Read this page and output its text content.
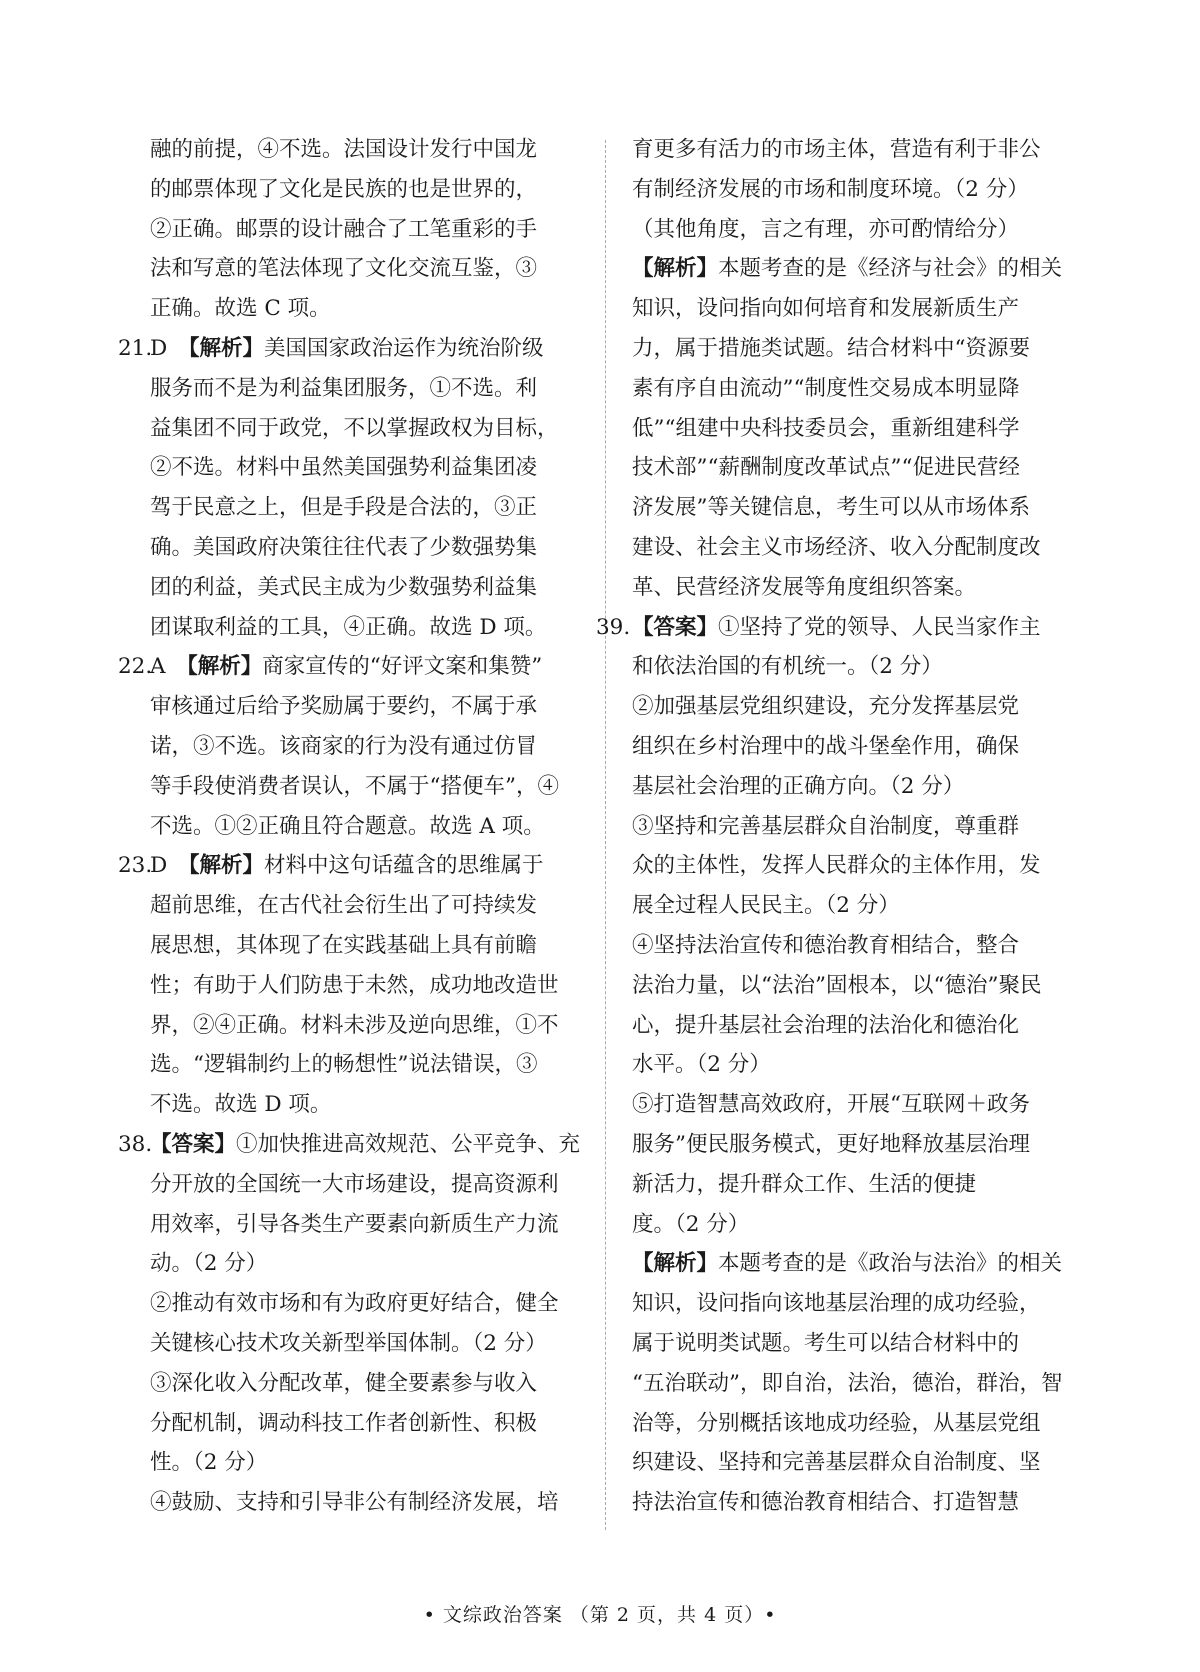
融的前提，④不选。法国设计发行中国龙
的邮票体现了文化是民族的也是世界的，
②正确。邮票的设计融合了工笔重彩的手
法和写意的笔法体现了文化交流互鉴，③
正确。故选 C 项。
21.D　【解析】美国国家政治运作为统治阶级
服务而不是为利益集团服务，①不选。利
益集团不同于政党，不以掌握政权为目标，
②不选。材料中虽然美国强势利益集团凌
驾于民意之上，但是手段是合法的，③正
确。美国政府决策往往代表了少数强势集
团的利益，美式民主成为少数强势利益集
团谋取利益的工具，④正确。故选 D 项。
22.A　【解析】商家宣传的“好评文案和集赞”
审核通过后给予奖励属于要约，不属于承
诺，③不选。该商家的行为没有通过仿冒
等手段使消费者误认，不属于“搭便车”，④
不选。①②正确且符合题意。故选 A 项。
23.D　【解析】材料中这句话蕴含的思维属于
超前思维，在古代社会衍生出了可持续发
展思想，其体现了在实践基础上具有前瞻
性；有助于人们防患于未然，成功地改造世
界，②④正确。材料未涉及逆向思维，①不
选。“逻辑制约上的畅想性”说法错误，③
不选。故选 D 项。
38.【答案】①加快推进高效规范、公平竞争、充
分开放的全国统一大市场建设，提高资源利
用效率，引导各类生产要素向新质生产力流
动。（2 分）
②推动有效市场和有为政府更好结合，健全
关键核心技术攻关新型举国体制。（2 分）
③深化收入分配改革，健全要素参与收入
分配机制，调动科技工作者创新性、积极
性。（2 分）
④鼓励、支持和引导非公有制经济发展，培
育更多有活力的市场主体，营造有利于非公
有制经济发展的市场和制度环境。（2 分）
（其他角度，言之有理，亦可酌情给分）
【解析】本题考查的是《经济与社会》的相关
知识，设问指向如何培育和发展新质生产
力，属于措施类试题。结合材料中“资源要
素有序自由流动”“制度性交易成本明显降
低”“组建中央科技委员会，重新组建科学
技术部”“薪酬制度改革试点”“促进民营经
济发展”等关键信息，考生可以从市场体系
建设、社会主义市场经济、收入分配制度改
革、民营经济发展等角度组织答案。
39.【答案】①坚持了党的领导、人民当家作主
和依法治国的有机统一。（2 分）
②加强基层党组织建设，充分发挥基层党
组织在乡村治理中的战斗堡垒作用，确保
基层社会治理的正确方向。（2 分）
③坚持和完善基层群众自治制度，尊重群
众的主体性，发挥人民群众的主体作用，发
展全过程人民民主。（2 分）
④坚持法治宣传和德治教育相结合，整合
法治力量，以“法治”固根本，以“德治”聚民
心，提升基层社会治理的法治化和德治化
水平。（2 分）
⑤打造智慧高效政府，开展“互联网＋政务
服务”便民服务模式，更好地释放基层治理
新活力，提升群众工作、生活的便捷
度。（2 分）
【解析】本题考查的是《政治与法治》的相关
知识，设问指向该地基层治理的成功经验，
属于说明类试题。考生可以结合材料中的
“五治联动”，即自治，法治，德治，群治，智
治等，分别概括该地成功经验，从基层党组
织建设、坚持和完善基层群众自治制度、坚
持法治宣传和德治教育相结合、打造智慧
• 文综政治答案 （第 2 页，共 4 页）•
